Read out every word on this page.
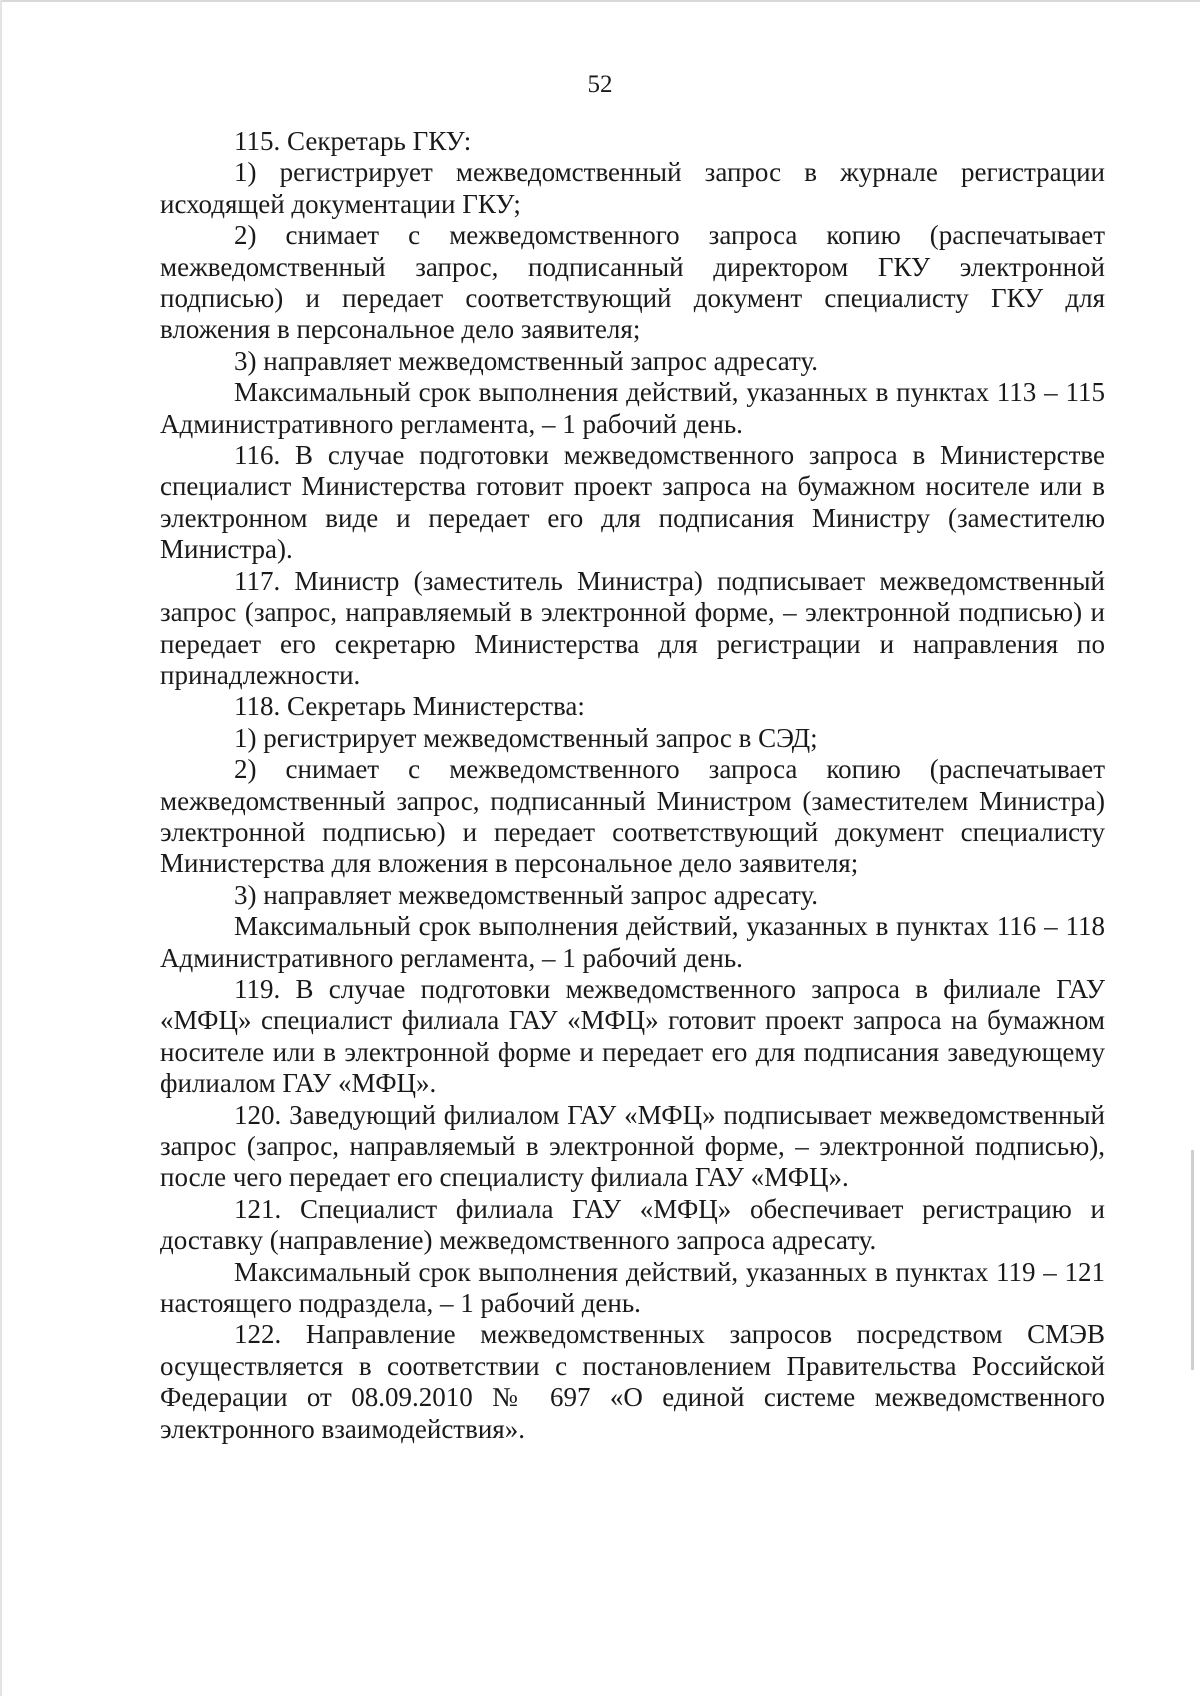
52

115. Секретарь ГКУ:

1) регистрирует межведомственный запрос в журнале регистрации исходящей документации ГКУ;

2) снимает с межведомственного запроса копию (распечатывает межведомственный запрос, подписанный директором ГКУ электронной подписью) и передает соответствующий документ специалисту ГКУ для вложения в персональное дело заявителя;

3) направляет межведомственный запрос адресату.

Максимальный срок выполнения действий, указанных в пунктах 113 – 115 Административного регламента, – 1 рабочий день.

116. В случае подготовки межведомственного запроса в Министерстве специалист Министерства готовит проект запроса на бумажном носителе или в электронном виде и передает его для подписания Министру (заместителю Министра).

117. Министр (заместитель Министра) подписывает межведомственный запрос (запрос, направляемый в электронной форме, – электронной подписью) и передает его секретарю Министерства для регистрации и направления по принадлежности.

118. Секретарь Министерства:

1) регистрирует межведомственный запрос в СЭД;

2) снимает с межведомственного запроса копию (распечатывает межведомственный запрос, подписанный Министром (заместителем Министра) электронной подписью) и передает соответствующий документ специалисту Министерства для вложения в персональное дело заявителя;

3) направляет межведомственный запрос адресату.

Максимальный срок выполнения действий, указанных в пунктах 116 – 118 Административного регламента, – 1 рабочий день.

119. В случае подготовки межведомственного запроса в филиале ГАУ «МФЦ» специалист филиала ГАУ «МФЦ» готовит проект запроса на бумажном носителе или в электронной форме и передает его для подписания заведующему филиалом ГАУ «МФЦ».

120. Заведующий филиалом ГАУ «МФЦ» подписывает межведомственный запрос (запрос, направляемый в электронной форме, – электронной подписью), после чего передает его специалисту филиала ГАУ «МФЦ».

121. Специалист филиала ГАУ «МФЦ» обеспечивает регистрацию и доставку (направление) межведомственного запроса адресату.

Максимальный срок выполнения действий, указанных в пунктах 119 – 121 настоящего подраздела, – 1 рабочий день.

122. Направление межведомственных запросов посредством СМЭВ осуществляется в соответствии с постановлением Правительства Российской Федерации от 08.09.2010 № 697 «О единой системе межведомственного электронного взаимодействия».
